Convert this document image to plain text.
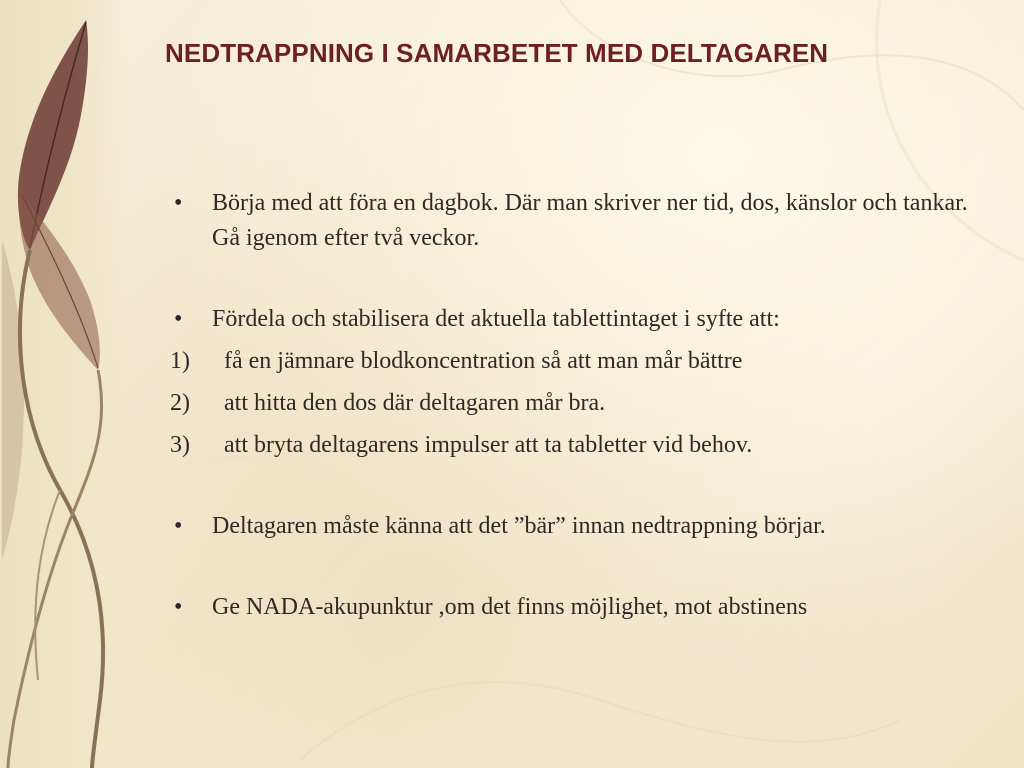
NEDTRAPPNING I SAMARBETET MED DELTAGAREN
•	Börja med att föra en dagbok. Där man skriver ner tid, dos, känslor och tankar. Gå igenom efter två veckor.
•	Fördela och stabilisera det aktuella tablettintaget i syfte att:
1)	få en jämnare blodkoncentration så att man mår bättre
2)	att hitta den dos där deltagaren mår bra.
3)	att bryta deltagarens impulser att ta tabletter vid behov.
•	Deltagaren måste känna att det ”bär” innan nedtrappning börjar.
•	Ge NADA-akupunktur ,om det finns möjlighet, mot abstinens
